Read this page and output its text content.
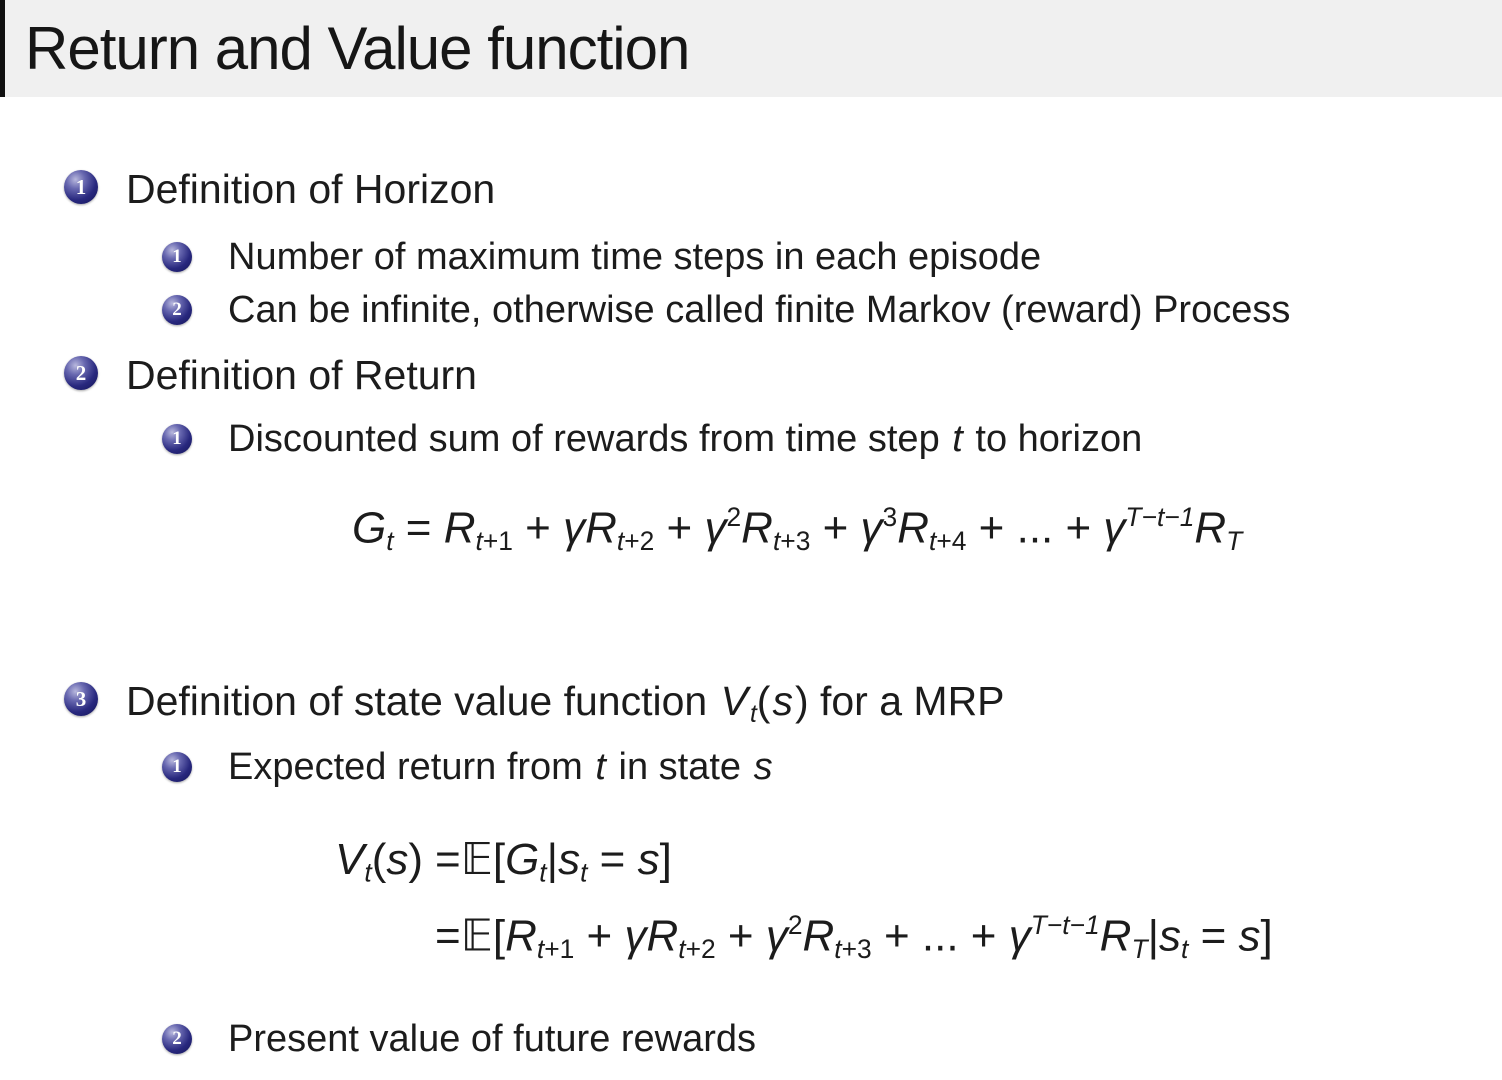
Return and Value function
1 Definition of Horizon
1 Number of maximum time steps in each episode
2 Can be infinite, otherwise called finite Markov (reward) Process
2 Definition of Return
1 Discounted sum of rewards from time step t to horizon
$Gt = Rt+1 + \gamma Rt+2 + \gamma^2Rt+3 + \gamma^3Rt+4$ + ... + $\gamma^{T-t-1}RT$
3 Definition of state value function Vt(s) for a MRP
1 Expected return from t in state s
Vt(s) =𝔼[Gt|st = s]
=𝔼[Rt+1 + $\gamma Rt+2 + \gamma^2Rt+3$ + ... + $\gamma^{T-t-1}RT|st = s$]
2 Present value of future rewards
